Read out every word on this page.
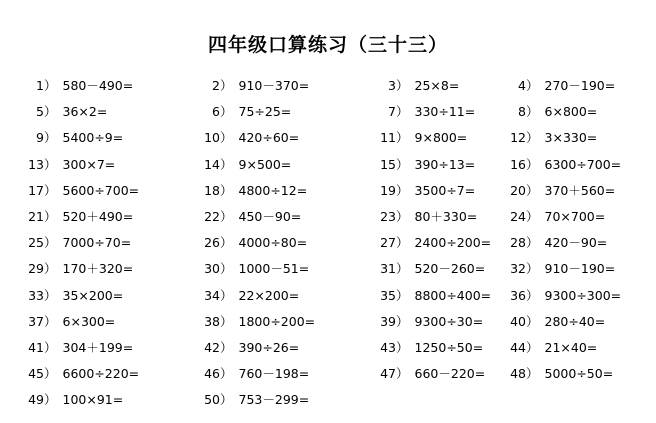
四年级口算练习（三十三）
1） 580－490=	2） 910－370=	3） 25×8=	4） 270－190=
5） 36×2=	6） 75÷25=	7） 330÷11=	8） 6×800=
9） 5400÷9=	10） 420÷60=	11） 9×800=	12） 3×330=
13） 300×7=	14） 9×500=	15） 390÷13=	16） 6300÷700=
17） 5600÷700=	18） 4800÷12=	19） 3500÷7=	20） 370＋560=
21） 520＋490=	22） 450－90=	23） 80＋330=	24） 70×700=
25） 7000÷70=	26） 4000÷80=	27） 2400÷200=	28） 420－90=
29） 170＋320=	30） 1000－51=	31） 520－260=	32） 910－190=
33） 35×200=	34） 22×200=	35） 8800÷400=	36） 9300÷300=
37） 6×300=	38） 1800÷200=	39） 9300÷30=	40） 280÷40=
41） 304＋199=	42） 390÷26=	43） 1250÷50=	44） 21×40=
45） 6600÷220=	46） 760－198=	47） 660－220=	48） 5000÷50=
49） 100×91=	50） 753－299=
